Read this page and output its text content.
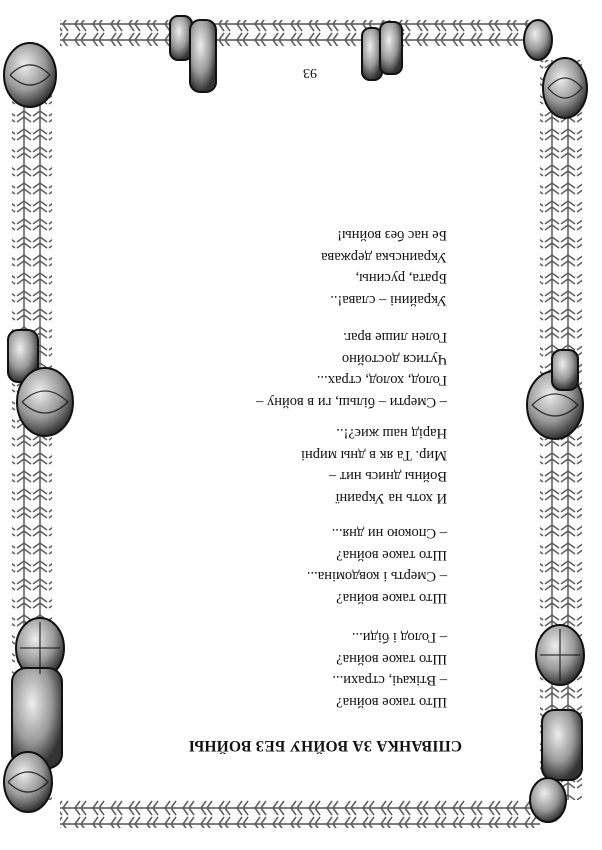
СПІВАНКА ЗА ВОЙНУ БЕЗ ВОЙНЫ
Што такое война?
– Втікачі, страхи...
Што такое война?
– Голод і біди...
Што такое война?
– Смерть і ковдоміна...
Што такое война?
– Спокою ни дня...
И хоть на Украинї
Войны днись нит –
Мир. Та як в дны мирні
Нарід наш жиє?!..
– Смерти – більш, ги в войну –
Голод, холод, страх...
Чутися достойно
Голен лише враг.
Украйині – слава!..
Брата, русины,
Украинська держава
Бе нас без войны!
93
